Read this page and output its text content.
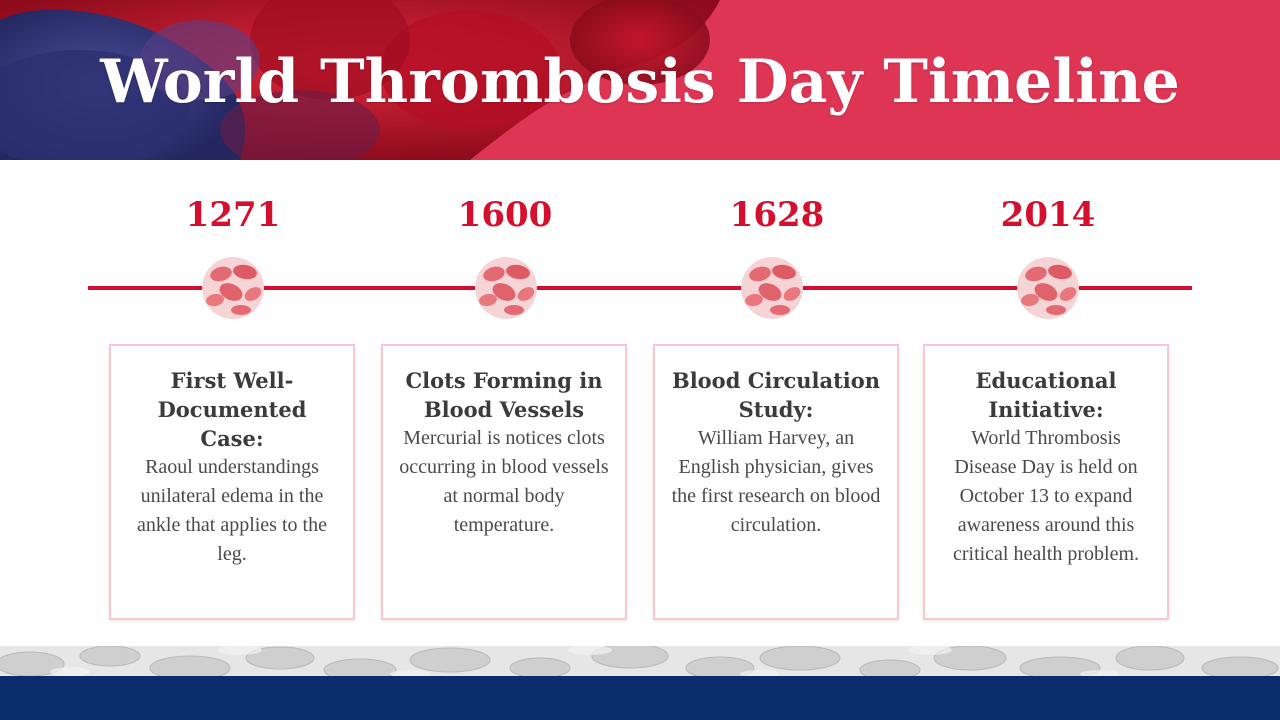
World Thrombosis Day Timeline
1271	1600	1628	2014
First Well-Documented Case:

Raoul understandings unilateral edema in the ankle that applies to the leg.

Clots Forming in Blood Vessels

Mercurial is notices clots occurring in blood vessels at normal body temperature.

Blood Circulation Study:

William Harvey, an English physician, gives the first research on blood circulation.

Educational Initiative:

World Thrombosis Disease Day is held on October 13 to expand awareness around this critical health problem.
